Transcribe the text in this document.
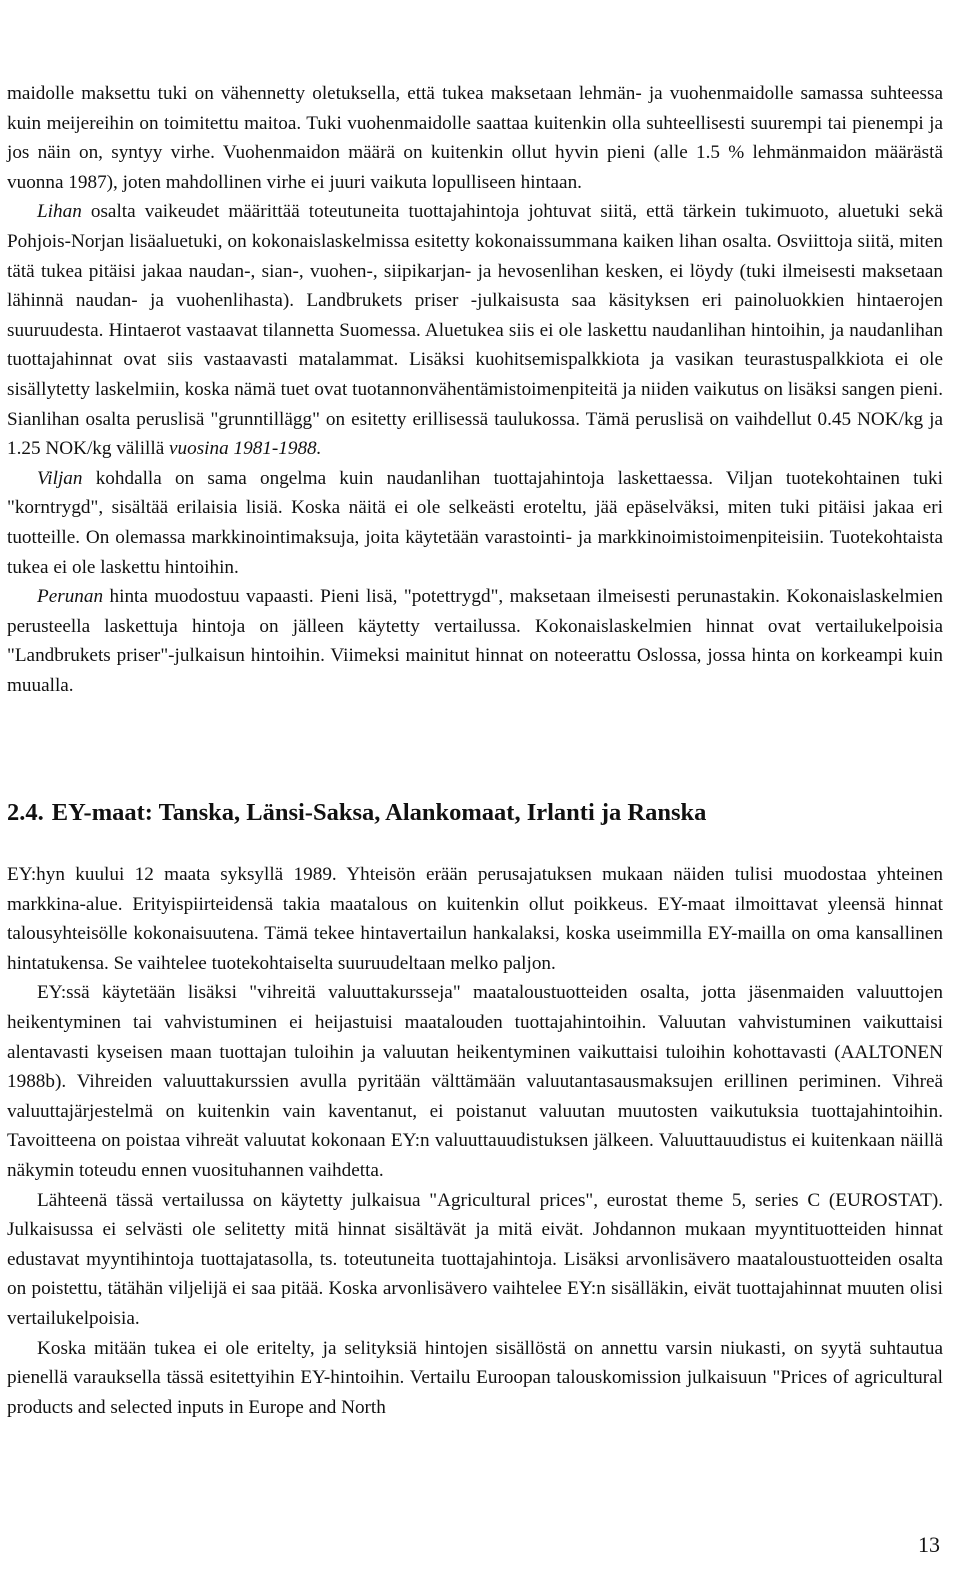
maidolle maksettu tuki on vähennetty oletuksella, että tukea maksetaan lehmän- ja vuohenmaidolle samassa suhteessa kuin meijereihin on toimitettu maitoa. Tuki vuohenmaidolle saattaa kuitenkin olla suhteellisesti suurempi tai pienempi ja jos näin on, syntyy virhe. Vuohenmaidon määrä on kuitenkin ollut hyvin pieni (alle 1.5 % lehmänmaidon määrästä vuonna 1987), joten mahdollinen virhe ei juuri vaikuta lopulliseen hintaan.

Lihan osalta vaikeudet määrittää toteutuneita tuottajahintoja johtuvat siitä, että tärkein tukimuoto, aluetuki sekä Pohjois-Norjan lisäaluetuki, on kokonaislaskelmissa esitetty kokonaissummana kaiken lihan osalta. Osviittoja siitä, miten tätä tukea pitäisi jakaa naudan-, sian-, vuohen-, siipikarjan- ja hevosenlihan kesken, ei löydy (tuki ilmeisesti maksetaan lähinnä naudan- ja vuohenlihasta). Landbrukets priser -julkaisusta saa käsityksen eri painoluokkien hintaerojen suuruudesta. Hintaerot vastaavat tilannetta Suomessa. Aluetukea siis ei ole laskettu naudanlihan hintoihin, ja naudanlihan tuottajahinnat ovat siis vastaavasti matalammat. Lisäksi kuohitsemispalkkiota ja vasikan teurastuspalkkiota ei ole sisällytetty laskelmiin, koska nämä tuet ovat tuotannonvähentämistoimenpiteitä ja niiden vaikutus on lisäksi sangen pieni. Sianlihan osalta peruslisä "grunntillägg" on esitetty erillisessä taulukossa. Tämä peruslisä on vaihdellut 0.45 NOK/kg ja 1.25 NOK/kg välillä vuosina 1981-1988.

Viljan kohdalla on sama ongelma kuin naudanlihan tuottajahintoja laskettaessa. Viljan tuotekohtainen tuki "korntrygd", sisältää erilaisia lisiä. Koska näitä ei ole selkeästi eroteltu, jää epäselväksi, miten tuki pitäisi jakaa eri tuotteille. On olemassa markkinointimaksuja, joita käytetään varastointi- ja markkinoimistoimenpiteisiin. Tuotekohtaista tukea ei ole laskettu hintoihin.

Perunan hinta muodostuu vapaasti. Pieni lisä, "potettrygd", maksetaan ilmeisesti perunastakin. Kokonaislaskelmien perusteella laskettuja hintoja on jälleen käytetty vertailussa. Kokonaislaskelmien hinnat ovat vertailukelpoisia "Landbrukets priser"-julkaisun hintoihin. Viimeksi mainitut hinnat on noteerattu Oslossa, jossa hinta on korkeampi kuin muualla.

2.4. EY-maat: Tanska, Länsi-Saksa, Alankomaat, Irlanti ja Ranska

EY:hyn kuului 12 maata syksyllä 1989. Yhteisön erään perusajatuksen mukaan näiden tulisi muodostaa yhteinen markkina-alue. Erityispiirteidensä takia maatalous on kuitenkin ollut poikkeus. EY-maat ilmoittavat yleensä hinnat talousyhteisölle kokonaisuutena. Tämä tekee hintavertailun hankalaksi, koska useimmilla EY-mailla on oma kansallinen hintatukensa. Se vaihtelee tuotekohtaiselta suuruudeltaan melko paljon.

EY:ssä käytetään lisäksi "vihreitä valuuttakursseja" maataloustuotteiden osalta, jotta jäsenmaiden valuuttojen heikentyminen tai vahvistuminen ei heijastuisi maatalouden tuottajahintoihin. Valuutan vahvistuminen vaikuttaisi alentavasti kyseisen maan tuottajan tuloihin ja valuutan heikentyminen vaikuttaisi tuloihin kohottavasti (AALTONEN 1988b). Vihreiden valuuttakurssien avulla pyritään välttämään valuutantasausmaksujen erillinen periminen. Vihreä valuuttajärjestelmä on kuitenkin vain kaventanut, ei poistanut valuutan muutosten vaikutuksia tuottajahintoihin. Tavoitteena on poistaa vihreät valuutat kokonaan EY:n valuuttauudistuksen jälkeen. Valuuttauudistus ei kuitenkaan näillä näkymin toteudu ennen vuosituhannen vaihdetta.

Lähteenä tässä vertailussa on käytetty julkaisua "Agricultural prices", eurostat theme 5, series C (EUROSTAT). Julkaisussa ei selvästi ole selitetty mitä hinnat sisältävät ja mitä eivät. Johdannon mukaan myyntituotteiden hinnat edustavat myyntihintoja tuottajatasolla, ts. toteutuneita tuottajahintoja. Lisäksi arvonlisävero maataloustuotteiden osalta on poistettu, tätähän viljelijä ei saa pitää. Koska arvonlisävero vaihtelee EY:n sisälläkin, eivät tuottajahinnat muuten olisi vertailukelpoisia.

Koska mitään tukea ei ole eritelty, ja selityksiä hintojen sisällöstä on annettu varsin niukasti, on syytä suhtautua pienellä varauksella tässä esitettyihin EY-hintoihin. Vertailu Euroopan talouskomission julkaisuun "Prices of agricultural products and selected inputs in Europe and North

13
